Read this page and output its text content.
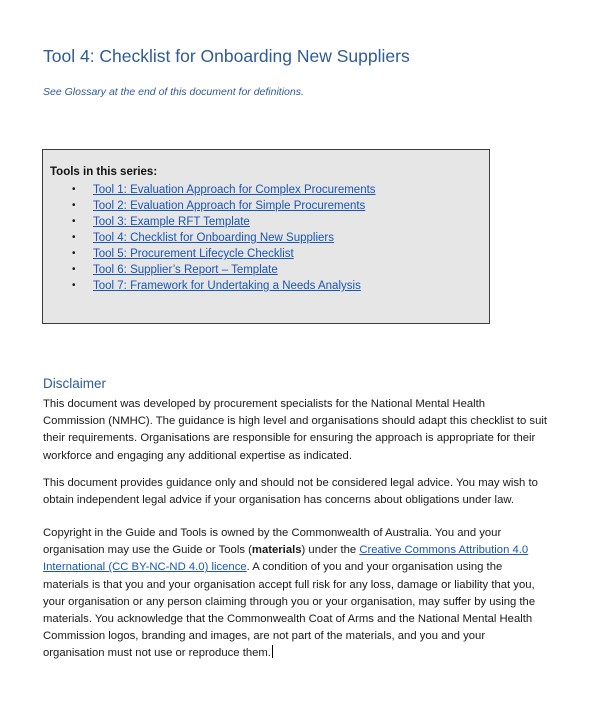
Tool 4: Checklist for Onboarding New Suppliers
See Glossary at the end of this document for definitions.
Tools in this series:
• Tool 1: Evaluation Approach for Complex Procurements
• Tool 2: Evaluation Approach for Simple Procurements
• Tool 3: Example RFT Template
• Tool 4: Checklist for Onboarding New Suppliers
• Tool 5: Procurement Lifecycle Checklist
• Tool 6: Supplier’s Report – Template
• Tool 7: Framework for Undertaking a Needs Analysis
Disclaimer
This document was developed by procurement specialists for the National Mental Health
Commission (NMHC). The guidance is high level and organisations should adapt this checklist to suit
their requirements. Organisations are responsible for ensuring the approach is appropriate for their
workforce and engaging any additional expertise as indicated.
This document provides guidance only and should not be considered legal advice. You may wish to
obtain independent legal advice if your organisation has concerns about obligations under law.
Copyright in the Guide and Tools is owned by the Commonwealth of Australia. You and your
organisation may use the Guide or Tools (materials) under the Creative Commons Attribution 4.0
International (CC BY-NC-ND 4.0) licence. A condition of you and your organisation using the
materials is that you and your organisation accept full risk for any loss, damage or liability that you,
your organisation or any person claiming through you or your organisation, may suffer by using the
materials. You acknowledge that the Commonwealth Coat of Arms and the National Mental Health
Commission logos, branding and images, are not part of the materials, and you and your
organisation must not use or reproduce them.
